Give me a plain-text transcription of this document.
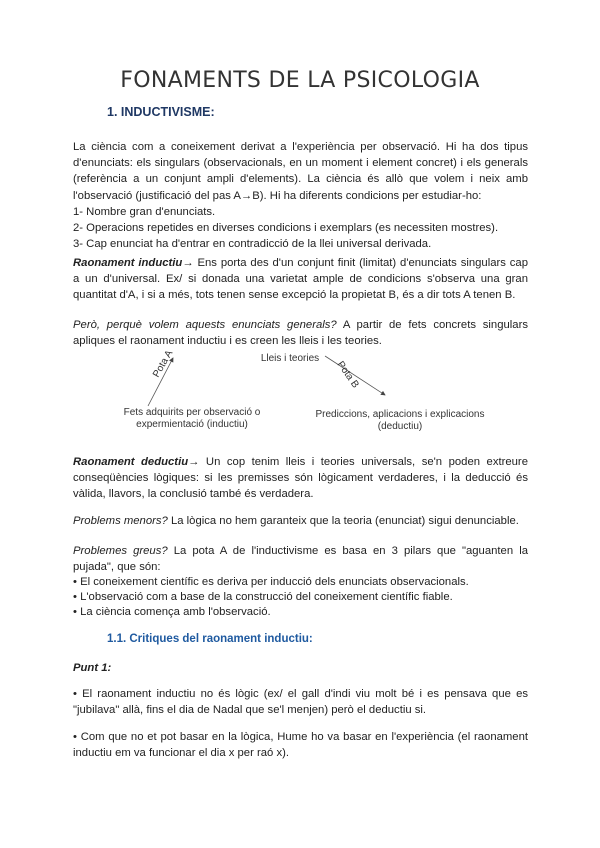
FONAMENTS DE LA PSICOLOGIA
1. INDUCTIVISME:

La ciència com a coneixement derivat a l'experiència per observació. Hi ha dos tipus d'enunciats: els singulars (observacionals, en un moment i element concret) i els generals (referència a un conjunt ampli d'elements). La ciència és allò que volem i neix amb l'observació (justificació del pas A→B). Hi ha diferents condicions per estudiar-ho:

1- Nombre gran d'enunciats.

2- Operacions repetides en diverses condicions i exemplars (es necessiten mostres).

3- Cap enunciat ha d'entrar en contradicció de la llei universal derivada.

Raonament inductiu→ Ens porta des d'un conjunt finit (limitat) d'enunciats singulars cap a un d'universal. Ex/ si donada una varietat ample de condicions s'observa una gran quantitat d'A, i si a més, tots tenen sense excepció la propietat B, és a dir tots A tenen B.
Però, perquè volem aquests enunciats generals? A partir de fets concrets singulars apliques el raonament inductiu i es creen les lleis i les teories.
Lleis i teories
Pota A	Pota B
Fets adquirits per observació o
expermientació (inductiu)
Prediccions, aplicacions i explicacions
(deductiu)
Raonament deductiu→ Un cop tenim lleis i teories universals, se'n poden extreure conseqüències lògiques: si les premisses són lògicament verdaderes, i la deducció és vàlida, llavors, la conclusió també és verdadera.
Problems menors? La lògica no hem garanteix que la teoria (enunciat) sigui denunciable.

Problemes greus? La pota A de l'inductivisme es basa en 3 pilars que "aguanten la pujada", que són:

• El coneixement científic es deriva per inducció dels enunciats observacionals.

• L'observació com a base de la construcció del coneixement científic fiable.

• La ciència comença amb l'observació.

1.1. Critiques del raonament inductiu:
Punt 1:
• El raonament inductiu no és lògic (ex/ el gall d'indi viu molt bé i es pensava que es "jubilava" allà, fins el dia de Nadal que se'l menjen) però el deductiu si.
• Com que no et pot basar en la lògica, Hume ho va basar en l'experiència (el raonament inductiu em va funcionar el dia x per raó x).
